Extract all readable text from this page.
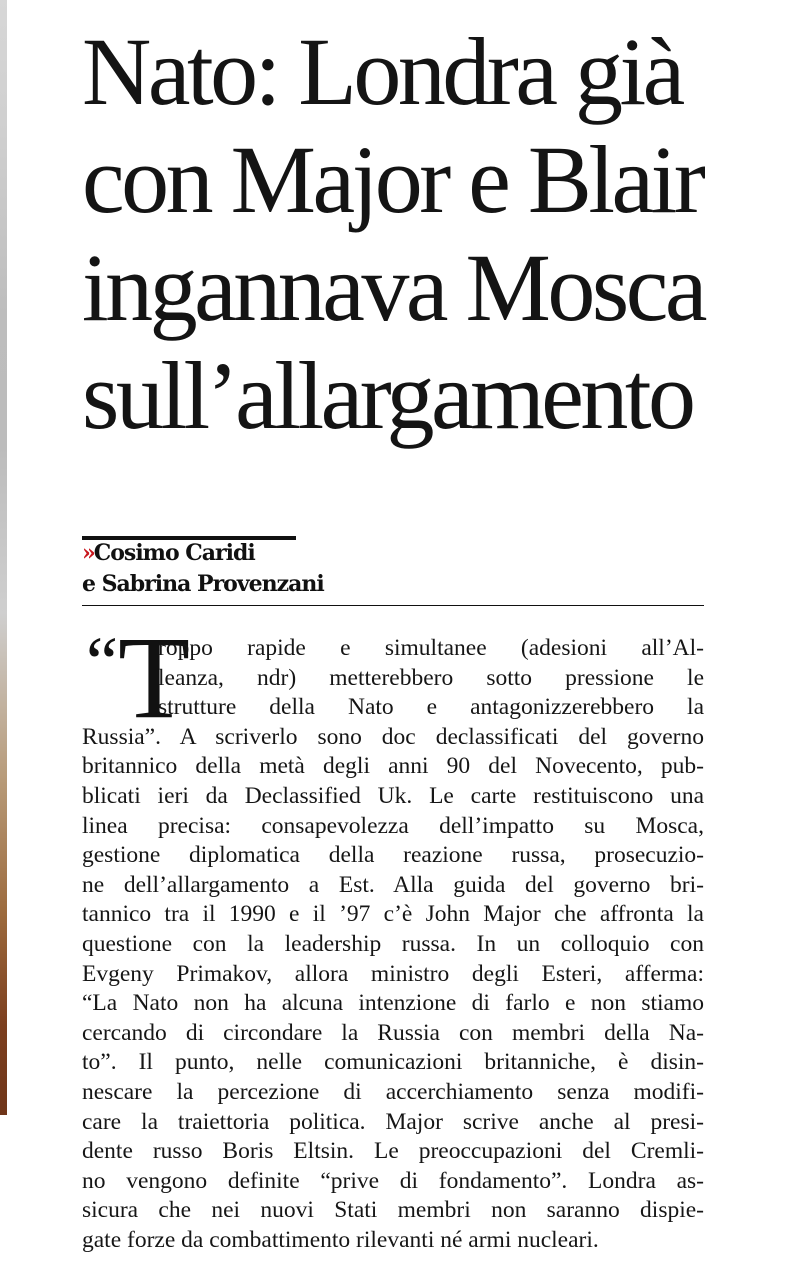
Nato: Londra già
con Major e Blair
ingannava Mosca
sull’allargamento
»Cosimo Caridi
e Sabrina Provenzani
“ T
roppo rapide e simultanee (adesioni all’Al-
leanza, ndr) metterebbero sotto pressione le
strutture della Nato e antagonizzerebbero la
Russia”. A scriverlo sono doc declassificati del governo
britannico della metà degli anni 90 del Novecento, pub-
blicati ieri da Declassified Uk. Le carte restituiscono una
linea precisa: consapevolezza dell’impatto su Mosca,
gestione diplomatica della reazione russa, prosecuzio-
ne dell’allargamento a Est. Alla guida del governo bri-
tannico tra il 1990 e il ’97 c’è John Major che affronta la
questione con la leadership russa. In un colloquio con
Evgeny Primakov, allora ministro degli Esteri, afferma:
“La Nato non ha alcuna intenzione di farlo e non stiamo
cercando di circondare la Russia con membri della Na-
to”. Il punto, nelle comunicazioni britanniche, è disin-
nescare la percezione di accerchiamento senza modifi-
care la traiettoria politica. Major scrive anche al presi-
dente russo Boris Eltsin. Le preoccupazioni del Cremli-
no vengono definite “prive di fondamento”. Londra as-
sicura che nei nuovi Stati membri non saranno dispie-
gate forze da combattimento rilevanti né armi nucleari.
